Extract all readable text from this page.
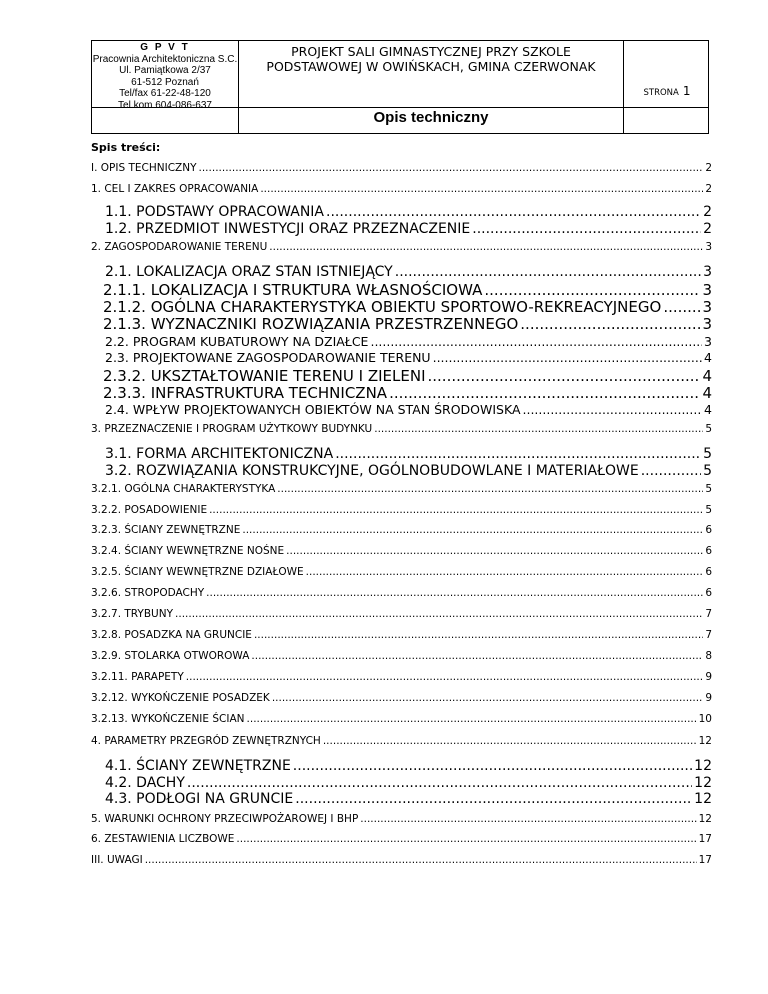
G P V T
Pracownia Architektoniczna S.C.
Ul. Pamiątkowa 2/37
61-512 Poznań
Tel/fax 61-22-48-120
Tel.kom 604-086-637
PROJEKT SALI GIMNASTYCZNEJ PRZY SZKOLE
PODSTAWOWEJ W OWIŃSKACH, GMINA CZERWONAK
STRONA 1
Opis techniczny
Spis treści:
I. OPIS TECHNICZNY .....	2
1. CEL I ZAKRES OPRACOWANIA .....	2
1.1. PODSTAWY OPRACOWANIA .....	2
1.2. PRZEDMIOT INWESTYCJI ORAZ PRZEZNACZENIE .....	2
2. ZAGOSPODAROWANIE TERENU .....	3
2.1. LOKALIZACJA ORAZ STAN ISTNIEJĄCY .....	3
2.1.1. LOKALIZACJA I STRUKTURA WŁASNOŚCIOWA .....	3
2.1.2. OGÓLNA CHARAKTERYSTYKA OBIEKTU SPORTOWO-REKREACYJNEGO .....	3
2.1.3. WYZNACZNIKI ROZWIĄZANIA PRZESTRZENNEGO .....	3
2.2. PROGRAM KUBATUROWY NA DZIAŁCE .....	3
2.3. PROJEKTOWANE ZAGOSPODAROWANIE TERENU .....	4
2.3.2. UKSZTAŁTOWANIE TERENU I ZIELENI .....	4
2.3.3. INFRASTRUKTURA TECHNICZNA .....	4
2.4. WPŁYW PROJEKTOWANYCH OBIEKTÓW NA STAN ŚRODOWISKA .....	4
3. PRZEZNACZENIE I PROGRAM UŻYTKOWY BUDYNKU .....	5
3.1. FORMA ARCHITEKTONICZNA .....	5
3.2. ROZWIĄZANIA KONSTRUKCYJNE, OGÓLNOBUDOWLANE I MATERIAŁOWE .....	5
3.2.1. OGÓLNA CHARAKTERYSTYKA .....	5
3.2.2. POSADOWIENIE .....	5
3.2.3. ŚCIANY ZEWNĘTRZNE .....	6
3.2.4. ŚCIANY WEWNĘTRZNE NOŚNE .....	6
3.2.5. ŚCIANY WEWNĘTRZNE DZIAŁOWE .....	6
3.2.6. STROPODACHY .....	6
3.2.7. TRYBUNY .....	7
3.2.8. POSADZKA NA GRUNCIE .....	7
3.2.9. STOLARKA OTWOROWA .....	8
3.2.11. PARAPETY .....	9
3.2.12. WYKOŃCZENIE POSADZEK .....	9
3.2.13. WYKOŃCZENIE ŚCIAN .....	10
4. PARAMETRY PRZEGRÓD ZEWNĘTRZNYCH .....	12
4.1. ŚCIANY ZEWNĘTRZNE .....	12
4.2. DACHY .....	12
4.3. PODŁOGI NA GRUNCIE .....	12
5. WARUNKI OCHRONY PRZECIWPOŻAROWEJ I BHP .....	12
6. ZESTAWIENIA LICZBOWE .....	17
III. UWAGI .....	17
